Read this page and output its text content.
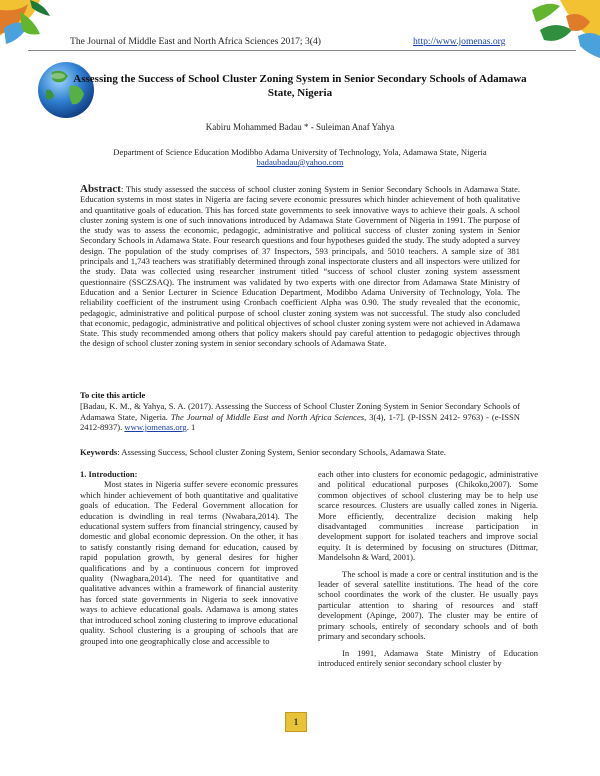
The Journal of Middle East and North Africa Sciences 2017; 3(4)	http://www.jomenas.org
Assessing the Success of School Cluster Zoning System in Senior Secondary Schools of Adamawa State, Nigeria
Kabiru Mohammed Badau * - Suleiman Anaf Yahya
Department of Science Education Modibbo Adama University of Technology, Yola, Adamawa State, Nigeria
badaubadau@yahoo.com
Abstract: This study assessed the success of school cluster zoning System in Senior Secondary Schools in Adamawa State. Education systems in most states in Nigeria are facing severe economic pressures which hinder achievement of both qualitative and quantitative goals of education. This has forced state governments to seek innovative ways to achieve their goals. A school cluster zoning system is one of such innovations introduced by Adamawa State Government of Nigeria in 1991. The purpose of the study was to assess the economic, pedagogic, administrative and political success of cluster zoning system in Senior Secondary Schools in Adamawa State. Four research questions and four hypotheses guided the study. The study adopted a survey design. The population of the study comprises of 37 Inspectors, 593 principals, and 5010 teachers. A sample size of 381 principals and 1,743 teachers was stratifiably determined through zonal inspectorate clusters and all inspectors were utilized for the study. Data was collected using researcher instrument titled “success of school cluster zoning system assessment questionnaire (SSCZSAQ). The instrument was validated by two experts with one director from Adamawa State Ministry of Education and a Senior Lecturer in Science Education Department, Modibbo Adama University of Technology, Yola. The reliability coefficient of the instrument using Cronbach coefficient Alpha was 0.90. The study revealed that the economic, pedagogic, administrative and political purpose of school cluster zoning system was not successful. The study also concluded that economic, pedagogic, administrative and political objectives of school cluster zoning system were not achieved in Adamawa State. This study recommended among others that policy makers should pay careful attention to pedagogic objectives through the design of school cluster zoning system in senior secondary schools of Adamawa State.
To cite this article
[Badau, K. M., & Yahya, S. A. (2017). Assessing the Success of School Cluster Zoning System in Senior Secondary Schools of Adamawa State, Nigeria. The Journal of Middle East and North Africa Sciences, 3(4), 1-7]. (P-ISSN 2412- 9763) - (e-ISSN 2412-8937). www.jomenas.org. 1
Keywords: Assessing Success, School cluster Zoning System, Senior secondary Schools, Adamawa State.

1. Introduction:

Most states in Nigeria suffer severe economic pressures which hinder achievement of both quantitative and qualitative goals of education. The Federal Government allocation for education is dwindling in real terms (Nwabara,2014). The educational system suffers from financial stringency, caused by domestic and global economic depression. On the other, it has to satisfy constantly rising demand for education, caused by rapid population growth, by general desires for higher qualifications and by a continuous concern for improved quality (Nwagbara,2014). The need for quantitative and qualitative advances within a framework of financial austerity has forced state governments in Nigeria to seek innovative ways to achieve educational goals. Adamawa is among states that introduced school zoning clustering to improve educational quality. School clustering is a grouping of schools that are grouped into one geographically close and accessible to

each other into clusters for economic pedagogic, administrative and political educational purposes (Chikoko,2007). Some common objectives of school clustering may be to help use scarce resources. Clusters are usually called zones in Nigeria. More efficiently, decentralize decision making help disadvantaged communities increase participation in development support for isolated teachers and improve social equity. It is determined by focusing on structures (Dittmar, Mandelsohn & Ward, 2001).

The school is made a core or central institution and is the leader of several satellite institutions. The head of the core school coordinates the work of the cluster. He usually pays particular attention to sharing of resources and staff development (Apinge, 2007). The cluster may be entire of primary schools, entirely of secondary schools and of both primary and secondary schools.

In 1991, Adamawa State Ministry of Education introduced entirely senior secondary school cluster by

1
